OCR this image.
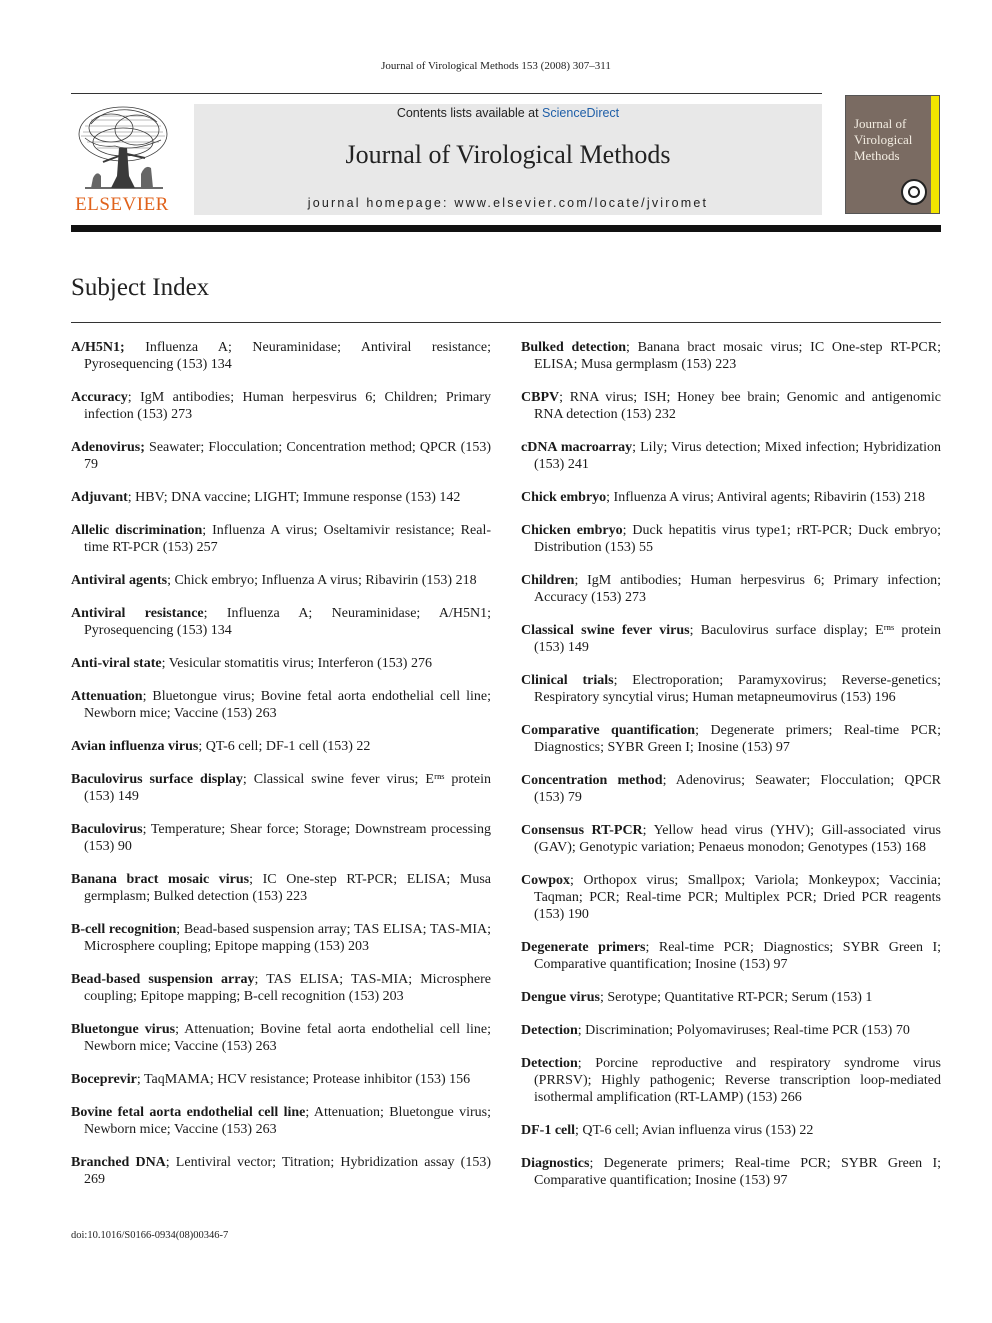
Journal of Virological Methods 153 (2008) 307–311
ELSEVIER
Contents lists available at ScienceDirect
Journal of Virological Methods
journal homepage: www.elsevier.com/locate/jviromet
Journal of Virological Methods
Subject Index

A/H5N1; Influenza A; Neuraminidase; Antiviral resistance; Pyrosequencing (153) 134

Accuracy; IgM antibodies; Human herpesvirus 6; Children; Primary infection (153) 273

Adenovirus; Seawater; Flocculation; Concentration method; QPCR (153) 79

Adjuvant; HBV; DNA vaccine; LIGHT; Immune response (153) 142

Allelic discrimination; Influenza A virus; Oseltamivir resistance; Real-time RT-PCR (153) 257

Antiviral agents; Chick embryo; Influenza A virus; Ribavirin (153) 218

Antiviral resistance; Influenza A; Neuraminidase; A/H5N1; Pyrosequencing (153) 134

Anti-viral state; Vesicular stomatitis virus; Interferon (153) 276

Attenuation; Bluetongue virus; Bovine fetal aorta endothelial cell line; Newborn mice; Vaccine (153) 263

Avian influenza virus; QT-6 cell; DF-1 cell (153) 22

Baculovirus surface display; Classical swine fever virus; Eʳⁿˢ protein (153) 149

Baculovirus; Temperature; Shear force; Storage; Downstream processing (153) 90

Banana bract mosaic virus; IC One-step RT-PCR; ELISA; Musa germplasm; Bulked detection (153) 223

B-cell recognition; Bead-based suspension array; TAS ELISA; TAS-MIA; Microsphere coupling; Epitope mapping (153) 203

Bead-based suspension array; TAS ELISA; TAS-MIA; Microsphere coupling; Epitope mapping; B-cell recognition (153) 203

Bluetongue virus; Attenuation; Bovine fetal aorta endothelial cell line; Newborn mice; Vaccine (153) 263

Boceprevir; TaqMAMA; HCV resistance; Protease inhibitor (153) 156

Bovine fetal aorta endothelial cell line; Attenuation; Bluetongue virus; Newborn mice; Vaccine (153) 263

Branched DNA; Lentiviral vector; Titration; Hybridization assay (153) 269

Bulked detection; Banana bract mosaic virus; IC One-step RT-PCR; ELISA; Musa germplasm (153) 223

CBPV; RNA virus; ISH; Honey bee brain; Genomic and antigenomic RNA detection (153) 232

cDNA macroarray; Lily; Virus detection; Mixed infection; Hybridization (153) 241

Chick embryo; Influenza A virus; Antiviral agents; Ribavirin (153) 218

Chicken embryo; Duck hepatitis virus type1; rRT-PCR; Duck embryo; Distribution (153) 55

Children; IgM antibodies; Human herpesvirus 6; Primary infection; Accuracy (153) 273

Classical swine fever virus; Baculovirus surface display; Eʳⁿˢ protein (153) 149

Clinical trials; Electroporation; Paramyxovirus; Reverse-genetics; Respiratory syncytial virus; Human metapneumovirus (153) 196

Comparative quantification; Degenerate primers; Real-time PCR; Diagnostics; SYBR Green I; Inosine (153) 97

Concentration method; Adenovirus; Seawater; Flocculation; QPCR (153) 79

Consensus RT-PCR; Yellow head virus (YHV); Gill-associated virus (GAV); Genotypic variation; Penaeus monodon; Genotypes (153) 168

Cowpox; Orthopox virus; Smallpox; Variola; Monkeypox; Vaccinia; Taqman; PCR; Real-time PCR; Multiplex PCR; Dried PCR reagents (153) 190

Degenerate primers; Real-time PCR; Diagnostics; SYBR Green I; Comparative quantification; Inosine (153) 97

Dengue virus; Serotype; Quantitative RT-PCR; Serum (153) 1

Detection; Discrimination; Polyomaviruses; Real-time PCR (153) 70

Detection; Porcine reproductive and respiratory syndrome virus (PRRSV); Highly pathogenic; Reverse transcription loop-mediated isothermal amplification (RT-LAMP) (153) 266

DF-1 cell; QT-6 cell; Avian influenza virus (153) 22

Diagnostics; Degenerate primers; Real-time PCR; SYBR Green I; Comparative quantification; Inosine (153) 97

doi:10.1016/S0166-0934(08)00346-7
